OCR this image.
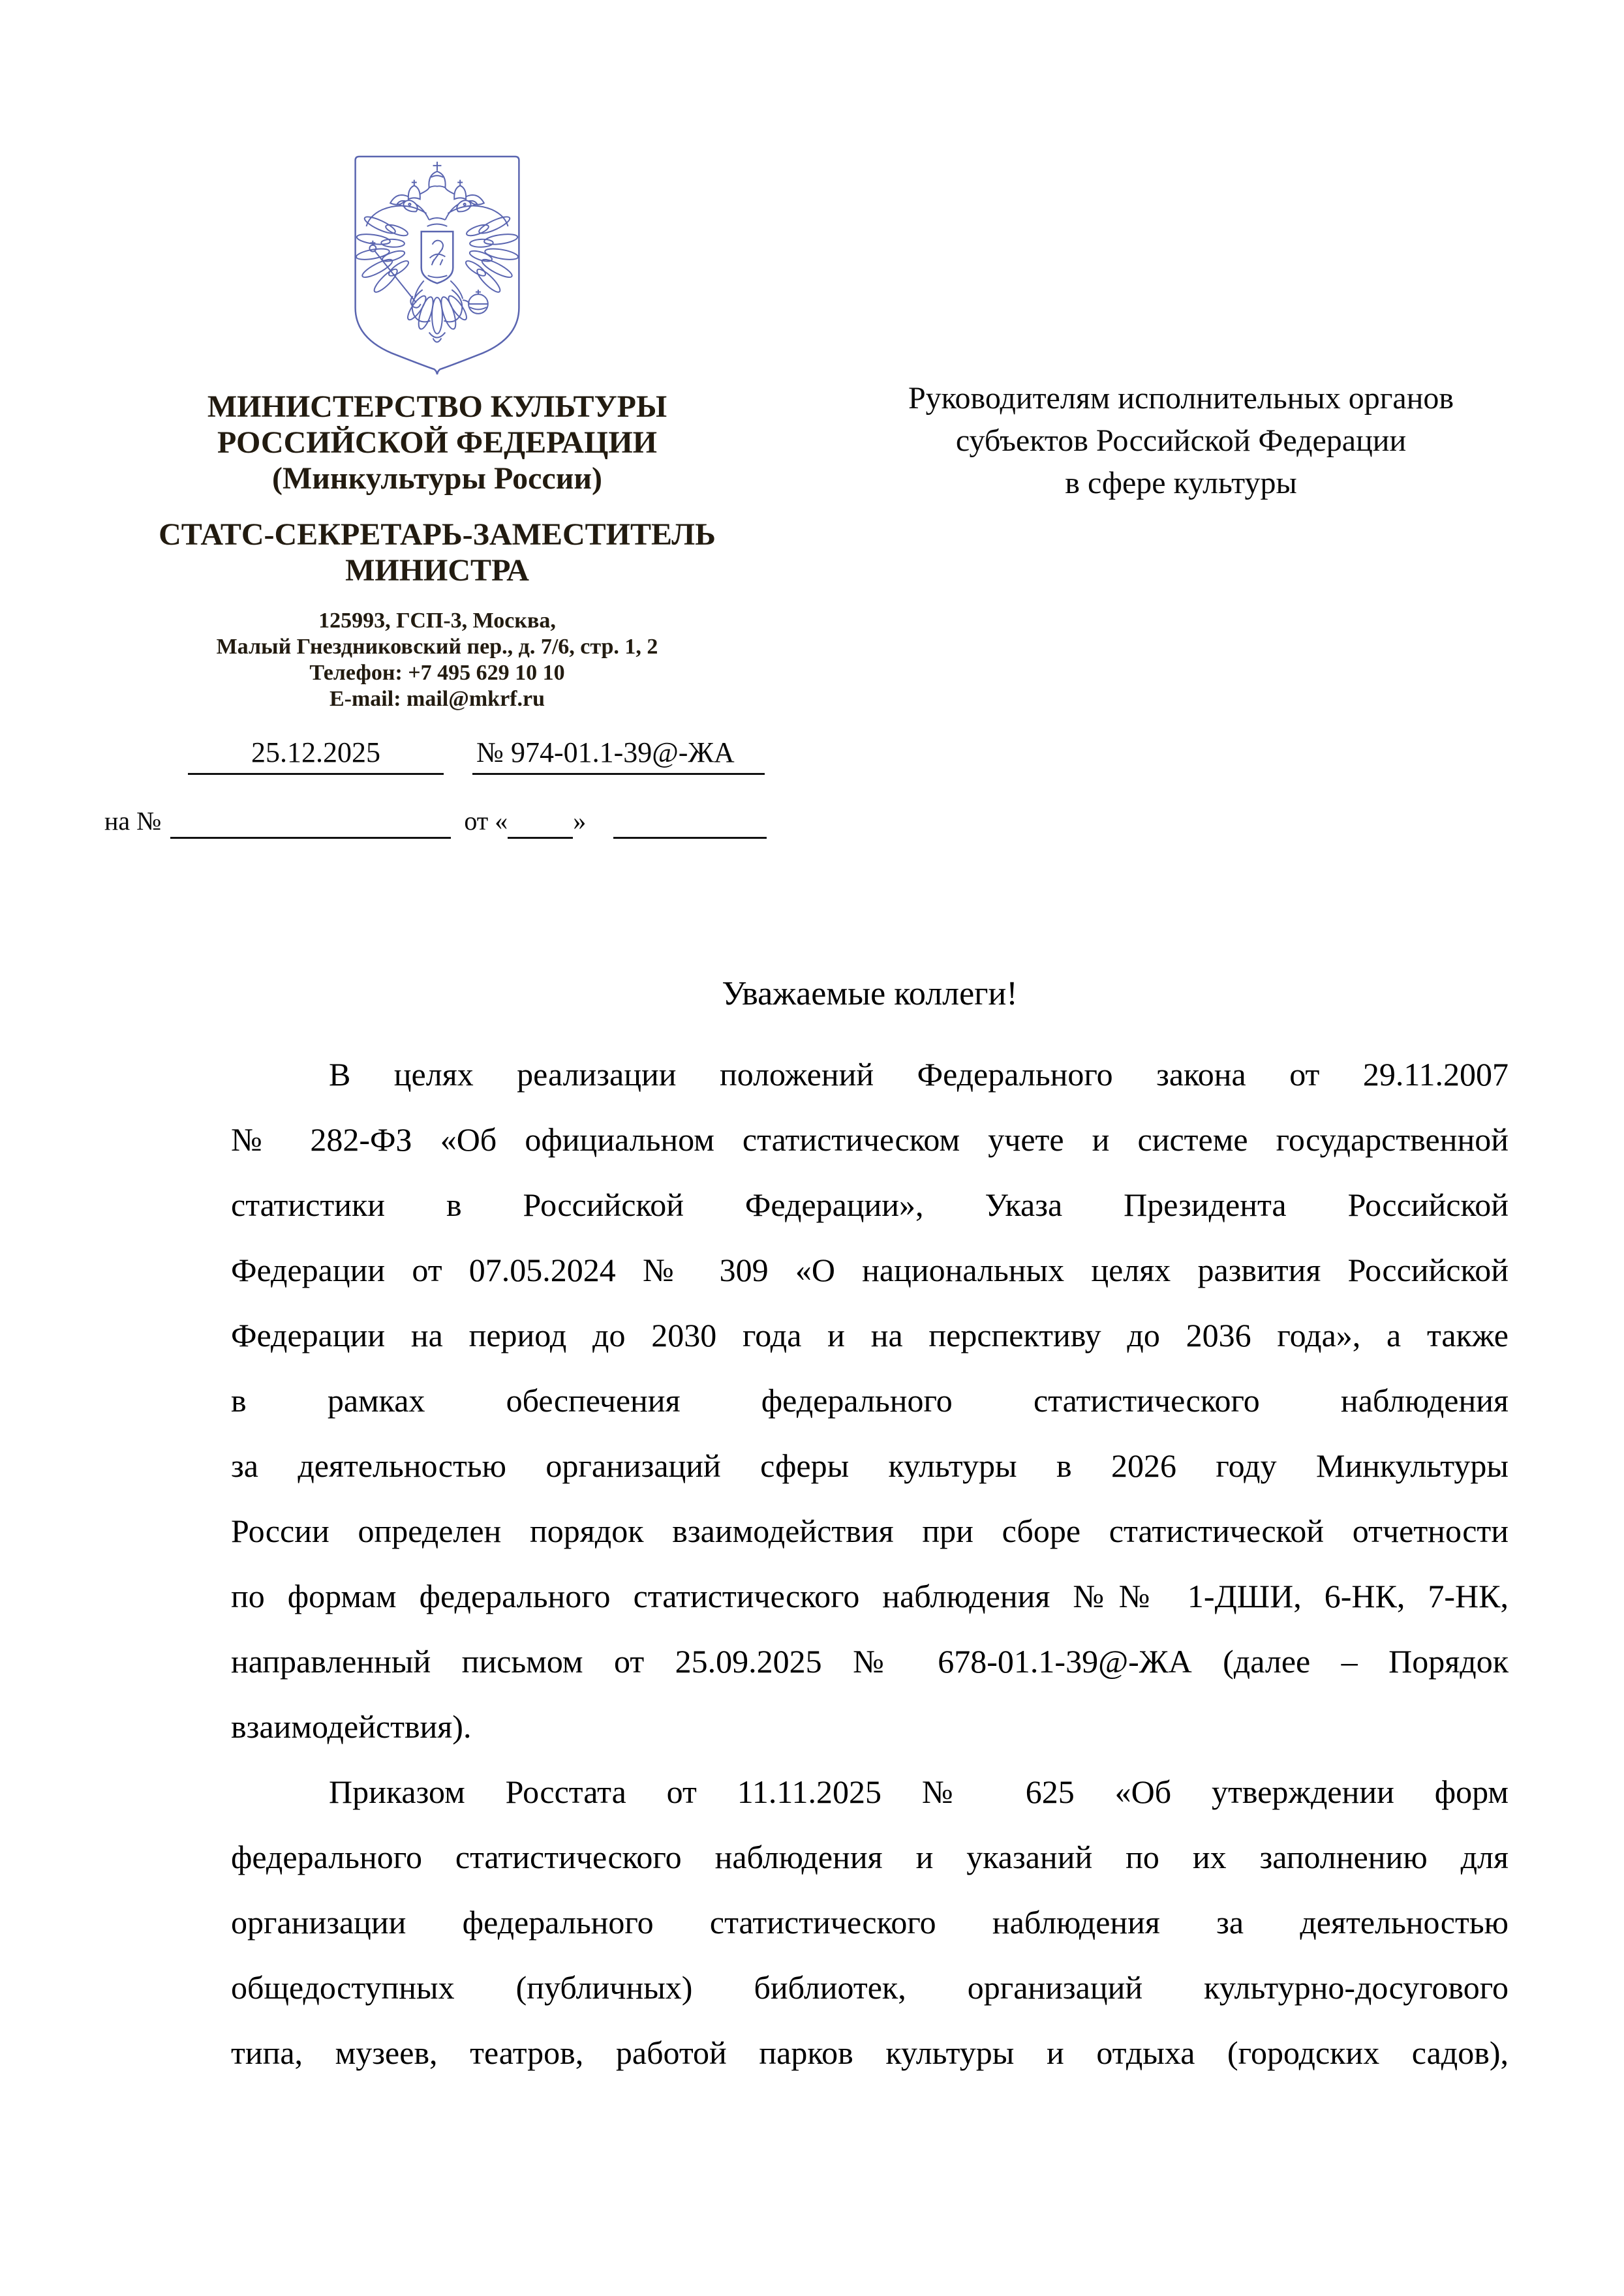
МИНИСТЕРСТВО КУЛЬТУРЫ
РОССИЙСКОЙ ФЕДЕРАЦИИ
(Минкультуры России)
СТАТС-СЕКРЕТАРЬ-ЗАМЕСТИТЕЛЬ
МИНИСТРА
125993, ГСП-3, Москва,
Малый Гнездниковский пер., д. 7/6, стр. 1, 2
Телефон: +7 495 629 10 10
E-mail: mail@mkrf.ru
25.12.2025	№ 974-01.1-39@-ЖА
на №	от «	»
Руководителям исполнительных органов
субъектов Российской Федерации
в сфере культуры
Уважаемые коллеги!
В целях реализации положений Федерального закона от 29.11.2007
№ 282-ФЗ «Об официальном статистическом учете и системе государственной
статистики в Российской Федерации», Указа Президента Российской
Федерации от 07.05.2024 № 309 «О национальных целях развития Российской
Федерации на период до 2030 года и на перспективу до 2036 года», а также
в рамках обеспечения федерального статистического наблюдения
за деятельностью организаций сферы культуры в 2026 году Минкультуры
России определен порядок взаимодействия при сборе статистической отчетности
по формам федерального статистического наблюдения №№ 1-ДШИ, 6-НК, 7-НК,
направленный письмом от 25.09.2025 № 678-01.1-39@-ЖА (далее – Порядок
взаимодействия).
Приказом Росстата от 11.11.2025 № 625 «Об утверждении форм
федерального статистического наблюдения и указаний по их заполнению для
организации федерального статистического наблюдения за деятельностью
общедоступных (публичных) библиотек, организаций культурно-досугового
типа, музеев, театров, работой парков культуры и отдыха (городских садов),
